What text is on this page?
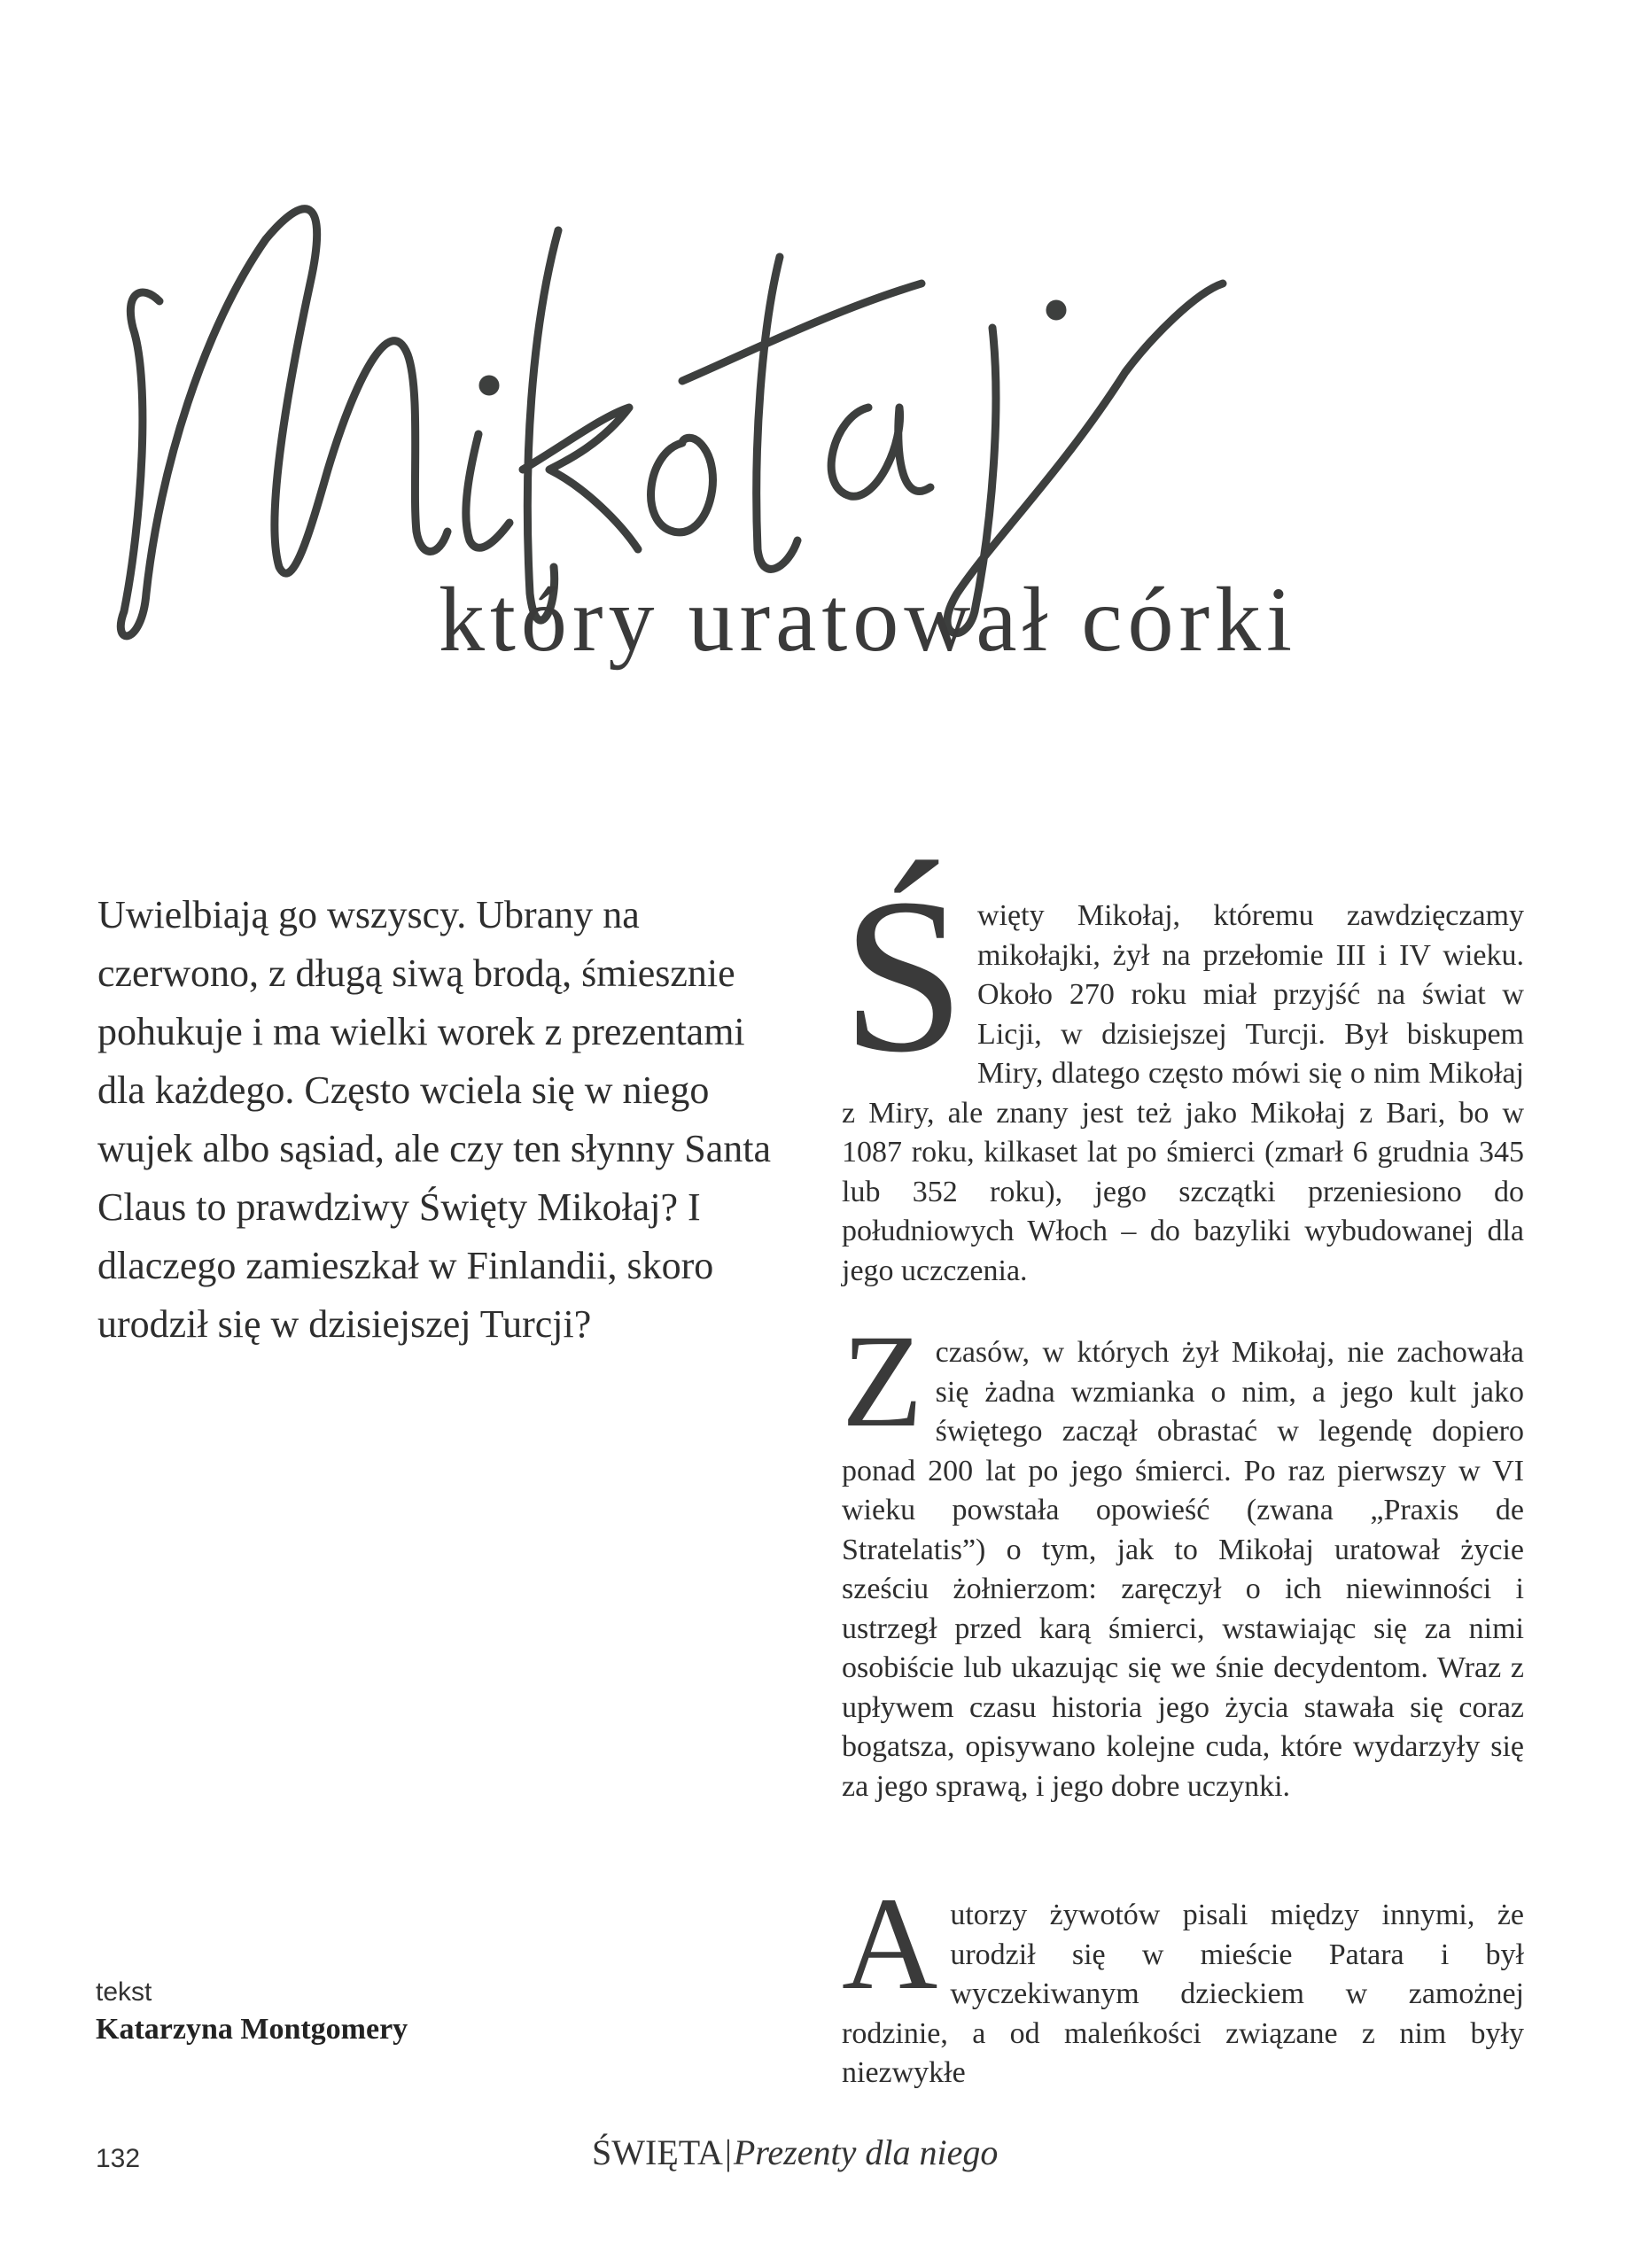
który uratował córki

Uwielbiają go wszyscy. Ubrany na czerwono, z długą siwą brodą, śmiesznie pohukuje i ma wielki worek z prezentami dla każdego. Często wciela się w niego wujek albo sąsiad, ale czy ten słynny Santa Claus to prawdziwy Święty Mikołaj? I dlaczego zamieszkał w Finlandii, skoro urodził się w dzisiejszej Turcji?

tekst
Katarzyna Montgomery
Ś więty Mikołaj, któremu zawdzięczamy mikołajki, żył na przełomie III i IV wieku. Około 270 roku miał przyjść na świat w Licji, w dzisiejszej Turcji. Był biskupem Miry, dlatego często mówi się o nim Mikołaj z Miry, ale znany jest też jako Mikołaj z Bari, bo w 1087 roku, kilkaset lat po śmierci (zmarł 6 grudnia 345 lub 352 roku), jego szczątki przeniesiono do południowych Włoch – do bazyliki wybudowanej dla jego uczczenia.

Z czasów, w których żył Mikołaj, nie zachowała się żadna wzmianka o nim, a jego kult jako świętego zaczął obrastać w legendę dopiero ponad 200 lat po jego śmierci. Po raz pierwszy w VI wieku powstała opowieść (zwana „Praxis de Stratelatis”) o tym, jak to Mikołaj uratował życie sześciu żołnierzom: zaręczył o ich niewinności i ustrzegł przed karą śmierci, wstawiając się za nimi osobiście lub ukazując się we śnie decydentom. Wraz z upływem czasu historia jego życia stawała się coraz bogatsza, opisywano kolejne cuda, które wydarzyły się za jego sprawą, i jego dobre uczynki.

A utorzy żywotów pisali między innymi, że urodził się w mieście Patara i był wyczekiwanym dzieckiem w zamożnej rodzinie, a od maleńkości związane z nim były niezwykłe

132	ŚWIĘTA|Prezenty dla niego
